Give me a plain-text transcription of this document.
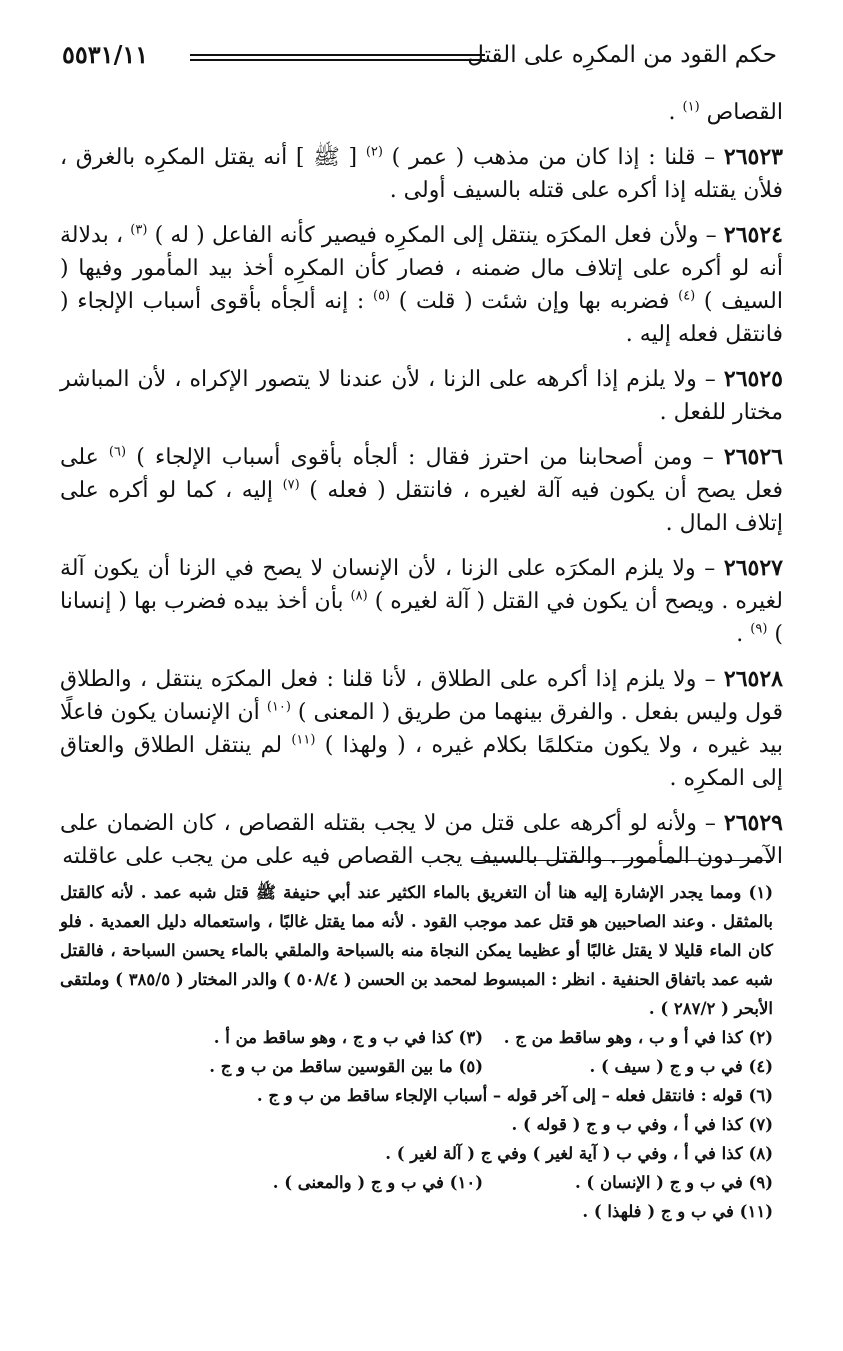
حكم القود من المكرِه على القتل
٥٥٣١/١١

القصاص $^{(١)}$ .

٢٦٥٢٣ – قلنا : إذا كان من مذهب ( عمر ) $^{(٢)}$ [ ﷺ ] أنه يقتل المكرِه بالغرق ، فلأن يقتله إذا أكره على قتله بالسيف أولى .

٢٦٥٢٤ – ولأن فعل المكرَه ينتقل إلى المكرِه فيصير كأنه الفاعل ( له ) $^{(٣)}$ ، بدلالة أنه لو أكره على إتلاف مال ضمنه ، فصار كأن المكرِه أخذ بيد المأمور وفيها ( السيف ) $^{(٤)}$ فضربه بها وإن شئت ( قلت ) $^{(٥)}$ : إنه ألجأه بأقوى أسباب الإلجاء ( فانتقل فعله إليه .

٢٦٥٢٥ – ولا يلزم إذا أكرهه على الزنا ، لأن عندنا لا يتصور الإكراه ، لأن المباشر مختار للفعل .

٢٦٥٢٦ – ومن أصحابنا من احترز فقال : ألجأه بأقوى أسباب الإلجاء ) $^{(٦)}$ على فعل يصح أن يكون فيه آلة لغيره ، فانتقل ( فعله ) $^{(٧)}$ إليه ، كما لو أكره على إتلاف المال .

٢٦٥٢٧ – ولا يلزم المكرَه على الزنا ، لأن الإنسان لا يصح في الزنا أن يكون آلة لغيره . ويصح أن يكون في القتل ( آلة لغيره ) $^{(٨)}$ بأن أخذ بيده فضرب بها ( إنسانا ) $^{(٩)}$ .

٢٦٥٢٨ – ولا يلزم إذا أكره على الطلاق ، لأنا قلنا : فعل المكرَه ينتقل ، والطلاق قول وليس بفعل . والفرق بينهما من طريق ( المعنى ) $^{(١٠)}$ أن الإنسان يكون فاعلًا بيد غيره ، ولا يكون متكلمًا بكلام غيره ، ( ولهذا ) $^{(١١)}$ لم ينتقل الطلاق والعتاق إلى المكرِه .

٢٦٥٢٩ – ولأنه لو أكرهه على قتل من لا يجب بقتله القصاص ، كان الضمان على الآمر دون المأمور . والقتل بالسيف يجب القصاص فيه على من يجب على عاقلته

(١) ومما يجدر الإشارة إليه هنا أن التغريق بالماء الكثير عند أبي حنيفة ﷺ قتل شبه عمد . لأنه كالقتل بالمثقل . وعند الصاحبين هو قتل عمد موجب القود . لأنه مما يقتل غالبًا ، واستعماله دليل العمدية . فلو كان الماء قليلا لا يقتل غالبًا أو عظيما يمكن النجاة منه بالسباحة والملقي بالماء يحسن السباحة ، فالقتل شبه عمد باتفاق الحنفية . انظر : المبسوط لمحمد بن الحسن ( ٥٠٨/٤ ) والدر المختار ( ٣٨٥/٥ ) وملتقى الأبحر ( ٢٨٧/٢ ) .

(٢) كذا في أ و ب ، وهو ساقط من ج .
(٣) كذا في ب و ج ، وهو ساقط من أ .
(٤) في ب و ج ( سيف ) .
(٥) ما بين القوسين ساقط من ب و ج .

(٦) قوله : فانتقل فعله – إلى آخر قوله – أسباب الإلجاء ساقط من ب و ج .

(٧) كذا في أ ، وفي ب و ج ( قوله ) .

(٨) كذا في أ ، وفي ب ( آية لغير ) وفي ج ( آلة لغير ) .

(٩) في ب و ج ( الإنسان ) .
(١٠) في ب و ج ( والمعنى ) .

(١١) في ب و ج ( فلهذا ) .
